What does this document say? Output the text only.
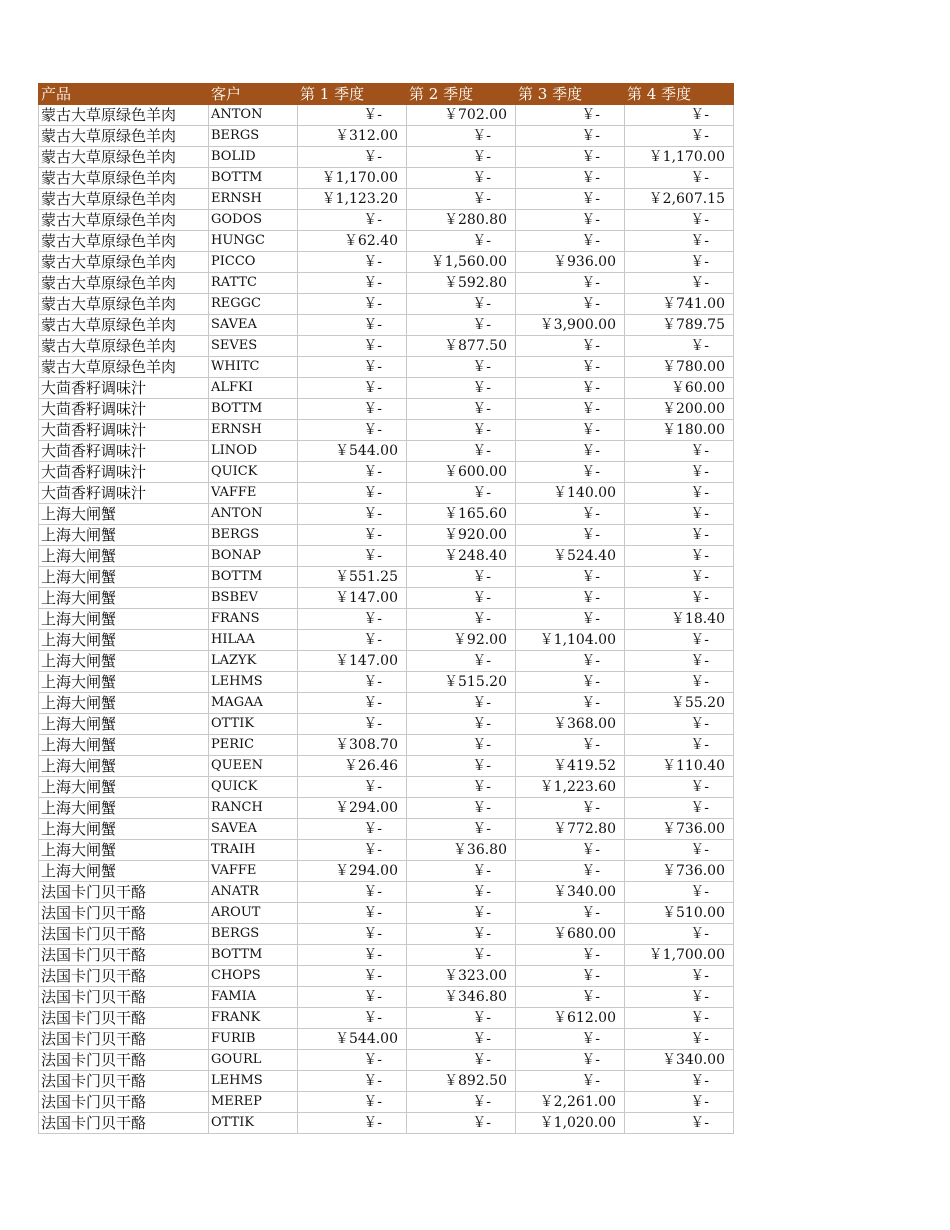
产品	客户	第 1 季度	第 2 季度	第 3 季度	第 4 季度
蒙古大草原绿色羊肉	ANTON	￥-	￥702.00	￥-	￥-
蒙古大草原绿色羊肉	BERGS	￥312.00	￥-	￥-	￥-
蒙古大草原绿色羊肉	BOLID	￥-	￥-	￥-	￥1,170.00
蒙古大草原绿色羊肉	BOTTM	￥1,170.00	￥-	￥-	￥-
蒙古大草原绿色羊肉	ERNSH	￥1,123.20	￥-	￥-	￥2,607.15
蒙古大草原绿色羊肉	GODOS	￥-	￥280.80	￥-	￥-
蒙古大草原绿色羊肉	HUNGC	￥62.40	￥-	￥-	￥-
蒙古大草原绿色羊肉	PICCO	￥-	￥1,560.00	￥936.00	￥-
蒙古大草原绿色羊肉	RATTC	￥-	￥592.80	￥-	￥-
蒙古大草原绿色羊肉	REGGC	￥-	￥-	￥-	￥741.00
蒙古大草原绿色羊肉	SAVEA	￥-	￥-	￥3,900.00	￥789.75
蒙古大草原绿色羊肉	SEVES	￥-	￥877.50	￥-	￥-
蒙古大草原绿色羊肉	WHITC	￥-	￥-	￥-	￥780.00
大茴香籽调味汁	ALFKI	￥-	￥-	￥-	￥60.00
大茴香籽调味汁	BOTTM	￥-	￥-	￥-	￥200.00
大茴香籽调味汁	ERNSH	￥-	￥-	￥-	￥180.00
大茴香籽调味汁	LINOD	￥544.00	￥-	￥-	￥-
大茴香籽调味汁	QUICK	￥-	￥600.00	￥-	￥-
大茴香籽调味汁	VAFFE	￥-	￥-	￥140.00	￥-
上海大闸蟹	ANTON	￥-	￥165.60	￥-	￥-
上海大闸蟹	BERGS	￥-	￥920.00	￥-	￥-
上海大闸蟹	BONAP	￥-	￥248.40	￥524.40	￥-
上海大闸蟹	BOTTM	￥551.25	￥-	￥-	￥-
上海大闸蟹	BSBEV	￥147.00	￥-	￥-	￥-
上海大闸蟹	FRANS	￥-	￥-	￥-	￥18.40
上海大闸蟹	HILAA	￥-	￥92.00	￥1,104.00	￥-
上海大闸蟹	LAZYK	￥147.00	￥-	￥-	￥-
上海大闸蟹	LEHMS	￥-	￥515.20	￥-	￥-
上海大闸蟹	MAGAA	￥-	￥-	￥-	￥55.20
上海大闸蟹	OTTIK	￥-	￥-	￥368.00	￥-
上海大闸蟹	PERIC	￥308.70	￥-	￥-	￥-
上海大闸蟹	QUEEN	￥26.46	￥-	￥419.52	￥110.40
上海大闸蟹	QUICK	￥-	￥-	￥1,223.60	￥-
上海大闸蟹	RANCH	￥294.00	￥-	￥-	￥-
上海大闸蟹	SAVEA	￥-	￥-	￥772.80	￥736.00
上海大闸蟹	TRAIH	￥-	￥36.80	￥-	￥-
上海大闸蟹	VAFFE	￥294.00	￥-	￥-	￥736.00
法国卡门贝干酪	ANATR	￥-	￥-	￥340.00	￥-
法国卡门贝干酪	AROUT	￥-	￥-	￥-	￥510.00
法国卡门贝干酪	BERGS	￥-	￥-	￥680.00	￥-
法国卡门贝干酪	BOTTM	￥-	￥-	￥-	￥1,700.00
法国卡门贝干酪	CHOPS	￥-	￥323.00	￥-	￥-
法国卡门贝干酪	FAMIA	￥-	￥346.80	￥-	￥-
法国卡门贝干酪	FRANK	￥-	￥-	￥612.00	￥-
法国卡门贝干酪	FURIB	￥544.00	￥-	￥-	￥-
法国卡门贝干酪	GOURL	￥-	￥-	￥-	￥340.00
法国卡门贝干酪	LEHMS	￥-	￥892.50	￥-	￥-
法国卡门贝干酪	MEREP	￥-	￥-	￥2,261.00	￥-
法国卡门贝干酪	OTTIK	￥-	￥-	￥1,020.00	￥-
